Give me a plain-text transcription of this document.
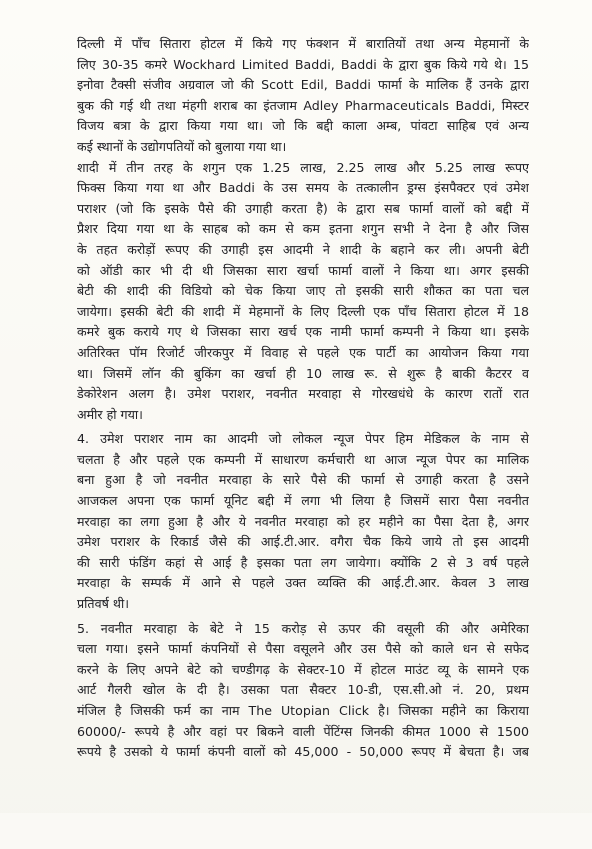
दिल्ली में पाँच सितारा होटल में किये गए फंक्शन में बारातियों तथा अन्य मेहमानों के
लिए 30-35 कमरे Wockhard Limited Baddi, Baddi के द्वारा बुक किये गये थे। 15
इनोवा टैक्सी संजीव अग्रवाल जो की Scott Edil, Baddi फार्मा के मालिक हैं उनके द्वारा
बुक की गई थी तथा मंहगी शराब का इंतजाम Adley Pharmaceuticals Baddi, मिस्टर
विजय बत्रा के द्वारा किया गया था। जो कि बद्दी काला अम्ब, पांवटा साहिब एवं अन्य
कई स्थानों के उद्योगपतियों को बुलाया गया था।
शादी में तीन तरह के शगुन एक 1.25 लाख, 2.25 लाख और 5.25 लाख रूपए
फिक्स किया गया था और Baddi के उस समय के तत्कालीन ड्रग्स इंसपैक्टर एवं उमेश
पराशर (जो कि इसके पैसे की उगाही करता है) के द्वारा सब फार्मा वालों को बद्दी में
प्रैशर दिया गया था के साहब को कम से कम इतना शगुन सभी ने देना है और जिस
के तहत करोड़ों रूपए की उगाही इस आदमी ने शादी के बहाने कर ली। अपनी बेटी
को ऑडी कार भी दी थी जिसका सारा खर्चा फार्मा वालों ने किया था। अगर इसकी
बेटी की शादी की विडियो को चेक किया जाए तो इसकी सारी शौकत का पता चल
जायेगा। इसकी बेटी की शादी में मेहमानों के लिए दिल्ली एक पाँच सितारा होटल में 18
कमरे बुक कराये गए थे जिसका सारा खर्च एक नामी फार्मा कम्पनी ने किया था। इसके
अतिरिक्त पॉम रिजोर्ट जीरकपुर में विवाह से पहले एक पार्टी का आयोजन किया गया
था। जिसमें लॉन की बुकिंग का खर्चा ही 10 लाख रू. से शुरू है बाकी कैटरर व
डेकोरेशन अलग है। उमेश पराशर, नवनीत मरवाहा से गोरखधंधे के कारण रातों रात
अमीर हो गया।
4. उमेश पराशर नाम का आदमी जो लोकल न्यूज पेपर हिम मेडिकल के नाम से
चलता है और पहले एक कम्पनी में साधारण कर्मचारी था आज न्यूज पेपर का मालिक
बना हुआ है जो नवनीत मरवाहा के सारे पैसे की फार्मा से उगाही करता है उसने
आजकल अपना एक फार्मा यूनिट बद्दी में लगा भी लिया है जिसमें सारा पैसा नवनीत
मरवाहा का लगा हुआ है और ये नवनीत मरवाहा को हर महीने का पैसा देता है, अगर
उमेश पराशर के रिकार्ड जैसे की आई.टी.आर. वगैरा चैक किये जाये तो इस आदमी
की सारी फंडिंग कहां से आई है इसका पता लग जायेगा। क्योंकि 2 से 3 वर्ष पहले
मरवाहा के सम्पर्क में आने से पहले उक्त व्यक्ति की आई.टी.आर. केवल 3 लाख
प्रतिवर्ष थी।
5. नवनीत मरवाहा के बेटे ने 15 करोड़ से ऊपर की वसूली की और अमेरिका
चला गया। इसने फार्मा कंपनियों से पैसा वसूलने और उस पैसे को काले धन से सफेद
करने के लिए अपने बेटे को चण्डीगढ़ के सेक्टर-10 में होटल माउंट व्यू के सामने एक
आर्ट गैलरी खोल के दी है। उसका पता सैक्टर 10-डी, एस.सी.ओ नं. 20, प्रथम
मंजिल है जिसकी फर्म का नाम The Utopian Click है। जिसका महीने का किराया
60000/- रूपये है और वहां पर बिकने वाली पेंटिंग्स जिनकी कीमत 1000 से 1500
रूपये है उसको ये फार्मा कंपनी वालों को 45,000 - 50,000 रूपए में बेचता है। जब
